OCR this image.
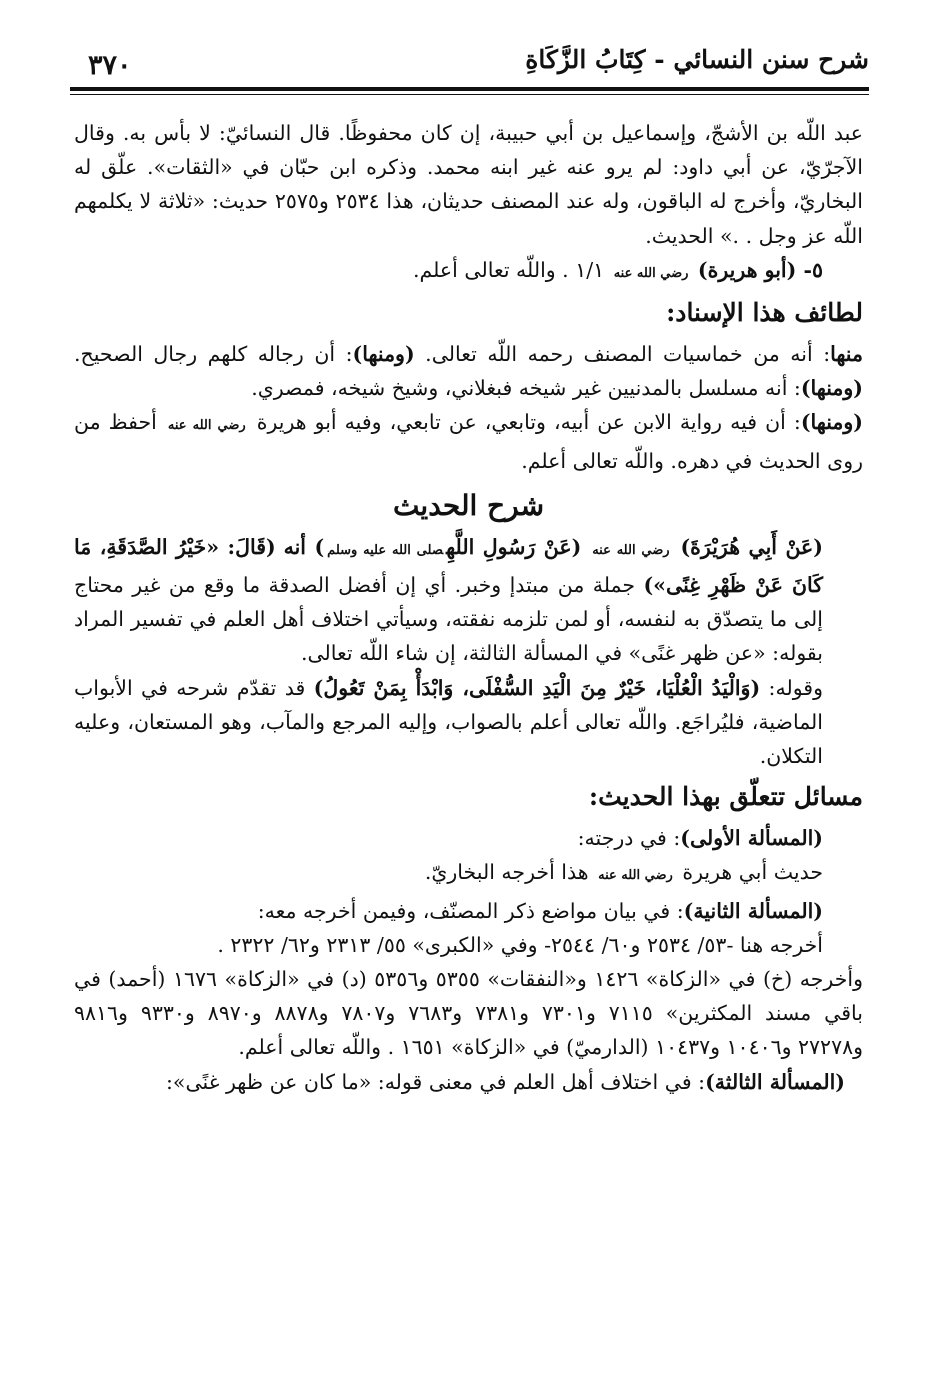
شرح سنن النسائي - كِتَابُ الزَّكَاةِ
٣٧٠

عبد اللّه بن الأشجّ، وإسماعيل بن أبي حبيبة، إن كان محفوظًا. قال النسائيّ: لا بأس به. وقال الآجرّيّ، عن أبي داود: لم يرو عنه غير ابنه محمد. وذكره ابن حبّان في «الثقات». علّق له البخاريّ، وأخرج له الباقون، وله عند المصنف حديثان، هذا ٢٥٣٤ و٢٥٧٥ حديث: «ثلاثة لا يكلمهم اللّه عز وجل . .» الحديث.

٥- (أبو هريرة) رضي الله عنه ١/١ . واللّه تعالى أعلم.

لطائف هذا الإسناد:

منها: أنه من خماسيات المصنف رحمه اللّه تعالى. (ومنها): أن رجاله كلهم رجال الصحيح. (ومنها): أنه مسلسل بالمدنيين غير شيخه فبغلاني، وشيخ شيخه، فمصري.

(ومنها): أن فيه رواية الابن عن أبيه، وتابعي، عن تابعي، وفيه أبو هريرة رضي الله عنه أحفظ من روى الحديث في دهره. واللّه تعالى أعلم.

شرح الحديث

(عَنْ أَبِي هُرَيْرَةَ) رضي الله عنه (عَنْ رَسُولِ اللَّهِصلى الله عليه وسلم) أنه (قَالَ: «خَيْرُ الصَّدَقَةِ، مَا كَانَ عَنْ ظَهْرِ غِنًى») جملة من مبتدإ وخبر. أي إن أفضل الصدقة ما وقع من غير محتاج إلى ما يتصدّق به لنفسه، أو لمن تلزمه نفقته، وسيأتي اختلاف أهل العلم في تفسير المراد بقوله: «عن ظهر غنًى» في المسألة الثالثة، إن شاء اللّه تعالى.

وقوله: (وَالْيَدُ الْعُلْيَا، خَيْرٌ مِنَ الْيَدِ السُّفْلَى، وَابْدَأْ بِمَنْ تَعُولُ) قد تقدّم شرحه في الأبواب الماضية، فليُراجَع. واللّه تعالى أعلم بالصواب، وإليه المرجع والمآب، وهو المستعان، وعليه التكلان.

مسائل تتعلّق بهذا الحديث:

(المسألة الأولى): في درجته:

حديث أبي هريرة رضي الله عنه هذا أخرجه البخاريّ.

(المسألة الثانية): في بيان مواضع ذكر المصنّف، وفيمن أخرجه معه:

أخرجه هنا -٥٣/ ٢٥٣٤ و٦٠/ ٢٥٤٤- وفي «الكبرى» ٥٥/ ٢٣١٣ و٦٢/ ٢٣٢٢ .

وأخرجه (خ) في «الزكاة» ١٤٢٦ و«النفقات» ٥٣٥٥ و٥٣٥٦ (د) في «الزكاة» ١٦٧٦ (أحمد) في باقي مسند المكثرين» ٧١١٥ و٧٣٠١ و٧٣٨١ و٧٦٨٣ و٧٨٠٧ و٨٨٧٨ و٨٩٧٠ و٩٣٣٠ و٩٨١٦ و٢٧٢٧٨ و١٠٤٠٦ و١٠٤٣٧ (الدارميّ) في «الزكاة» ١٦٥١ . واللّه تعالى أعلم.

(المسألة الثالثة): في اختلاف أهل العلم في معنى قوله: «ما كان عن ظهر غنًى»:
